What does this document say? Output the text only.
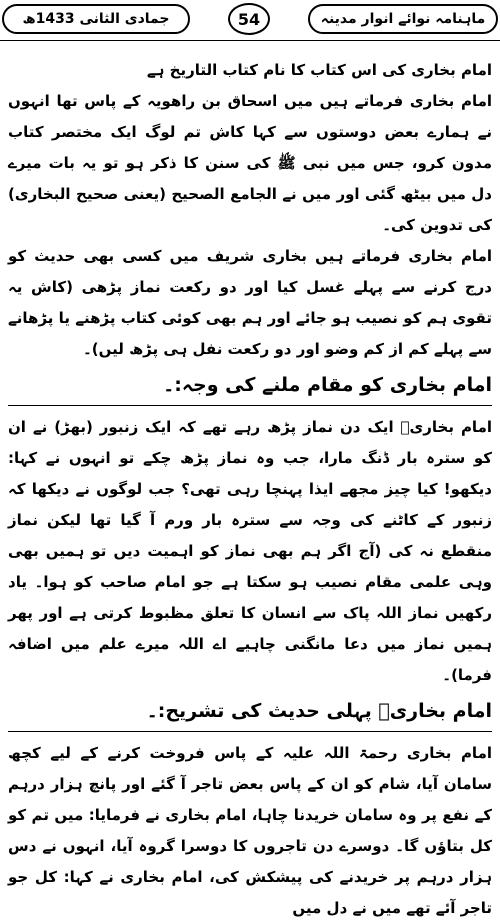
ماہنامہ نوائے انوار مدینہ
54
جمادی الثانی 1433ھ

امام بخاری کی اس کتاب کا نام کتاب التاریخ ہے

امام بخاری فرماتے ہیں میں اسحاق بن راھویہ کے پاس تھا انہوں نے ہمارے بعض دوستوں سے کہا کاش تم لوگ ایک مختصر کتاب مدون کرو، جس میں نبی ﷺ کی سنن کا ذکر ہو تو یہ بات میرے دل میں بیٹھ گئی اور میں نے الجامع الصحیح (یعنی صحیح البخاری) کی تدوین کی۔

امام بخاری فرماتے ہیں بخاری شریف میں کسی بھی حدیث کو درج کرنے سے پہلے غسل کیا اور دو رکعت نماز پڑھی (کاش یہ تقوی ہم کو نصیب ہو جائے اور ہم بھی کوئی کتاب پڑھنے یا پڑھانے سے پہلے کم از کم وضو اور دو رکعت نفل ہی پڑھ لیں)۔

امام بخاری کو مقام ملنے کی وجہ:۔

امام بخاریؒ ایک دن نماز پڑھ رہے تھے کہ ایک زنبور (بھڑ) نے ان کو سترہ بار ڈنگ مارا، جب وہ نماز پڑھ چکے تو انہوں نے کہا: دیکھو! کیا چیز مجھے ایذا پہنچا رہی تھی؟ جب لوگوں نے دیکھا کہ زنبور کے کاٹنے کی وجہ سے سترہ بار ورم آ گیا تھا لیکن نماز منقطع نہ کی (آج اگر ہم بھی نماز کو اہمیت دیں تو ہمیں بھی وہی علمی مقام نصیب ہو سکتا ہے جو امام صاحب کو ہوا۔ یاد رکھیں نماز اللہ پاک سے انسان کا تعلق مظبوط کرتی ہے اور پھر ہمیں نماز میں دعا مانگنی چاہیے اے اللہ میرے علم میں اضافہ فرما)۔

امام بخاریؒ پہلی حدیث کی تشریح:۔

امام بخاری رحمۃ اللہ علیہ کے پاس فروخت کرنے کے لیے کچھ سامان آیا، شام کو ان کے پاس بعض تاجر آ گئے اور پانچ ہزار درہم کے نفع پر وہ سامان خریدنا چاہا، امام بخاری نے فرمایا: میں تم کو کل بتاؤں گا۔ دوسرے دن تاجروں کا دوسرا گروہ آیا، انہوں نے دس ہزار درہم پر خریدنے کی پیشکش کی، امام بخاری نے کہا: کل جو تاجر آئے تھے میں نے دل میں
